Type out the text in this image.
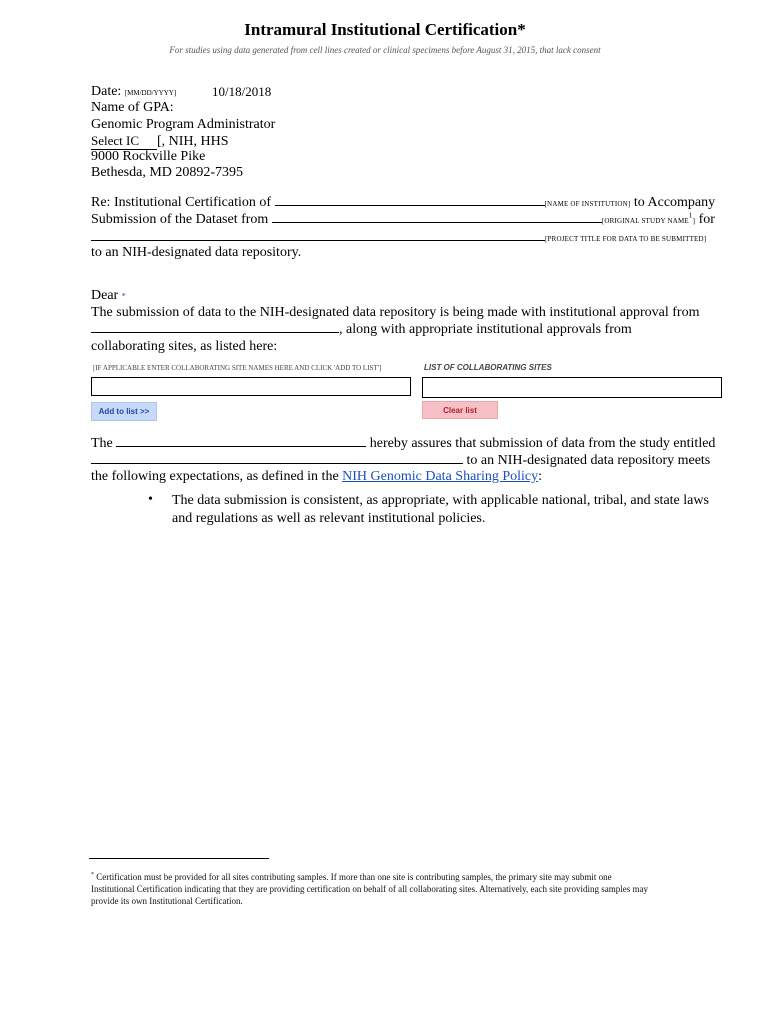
Intramural Institutional Certification*
For studies using data generated from cell lines created or clinical specimens before August 31, 2015, that lack consent
Date: [MM/DD/YYYY]	10/18/2018
Name of GPA:
Genomic Program Administrator
Select IC [, NIH, HHS
9000 Rockville Pike
Bethesda, MD 20892-7395
Re: Institutional Certification of	[NAME OF INSTITUTION] to Accompany
Submission of the Dataset from	[ORIGINAL STUDY NAME$^1$] for
[PROJECT TITLE FOR DATA TO BE SUBMITTED]
to an NIH-designated data repository.
Dear *
The submission of data to the NIH-designated data repository is being made with institutional approval from
, along with appropriate institutional approvals from
collaborating sites, as listed here:
[IF APPLICABLE ENTER COLLABORATING SITE NAMES HERE AND CLICK 'ADD TO LIST']	LIST OF COLLABORATING SITES
Add to list >>	Clear list
The	hereby assures that submission of data from the study entitled
to an NIH-designated data repository meets
the following expectations, as defined in the NIH Genomic Data Sharing Policy:
• The data submission is consistent, as appropriate, with applicable national, tribal, and state laws
and regulations as well as relevant institutional policies.
* Certification must be provided for all sites contributing samples. If more than one site is contributing samples, the primary site may submit one
Institutional Certification indicating that they are providing certification on behalf of all collaborating sites. Alternatively, each site providing samples may
provide its own Institutional Certification.
